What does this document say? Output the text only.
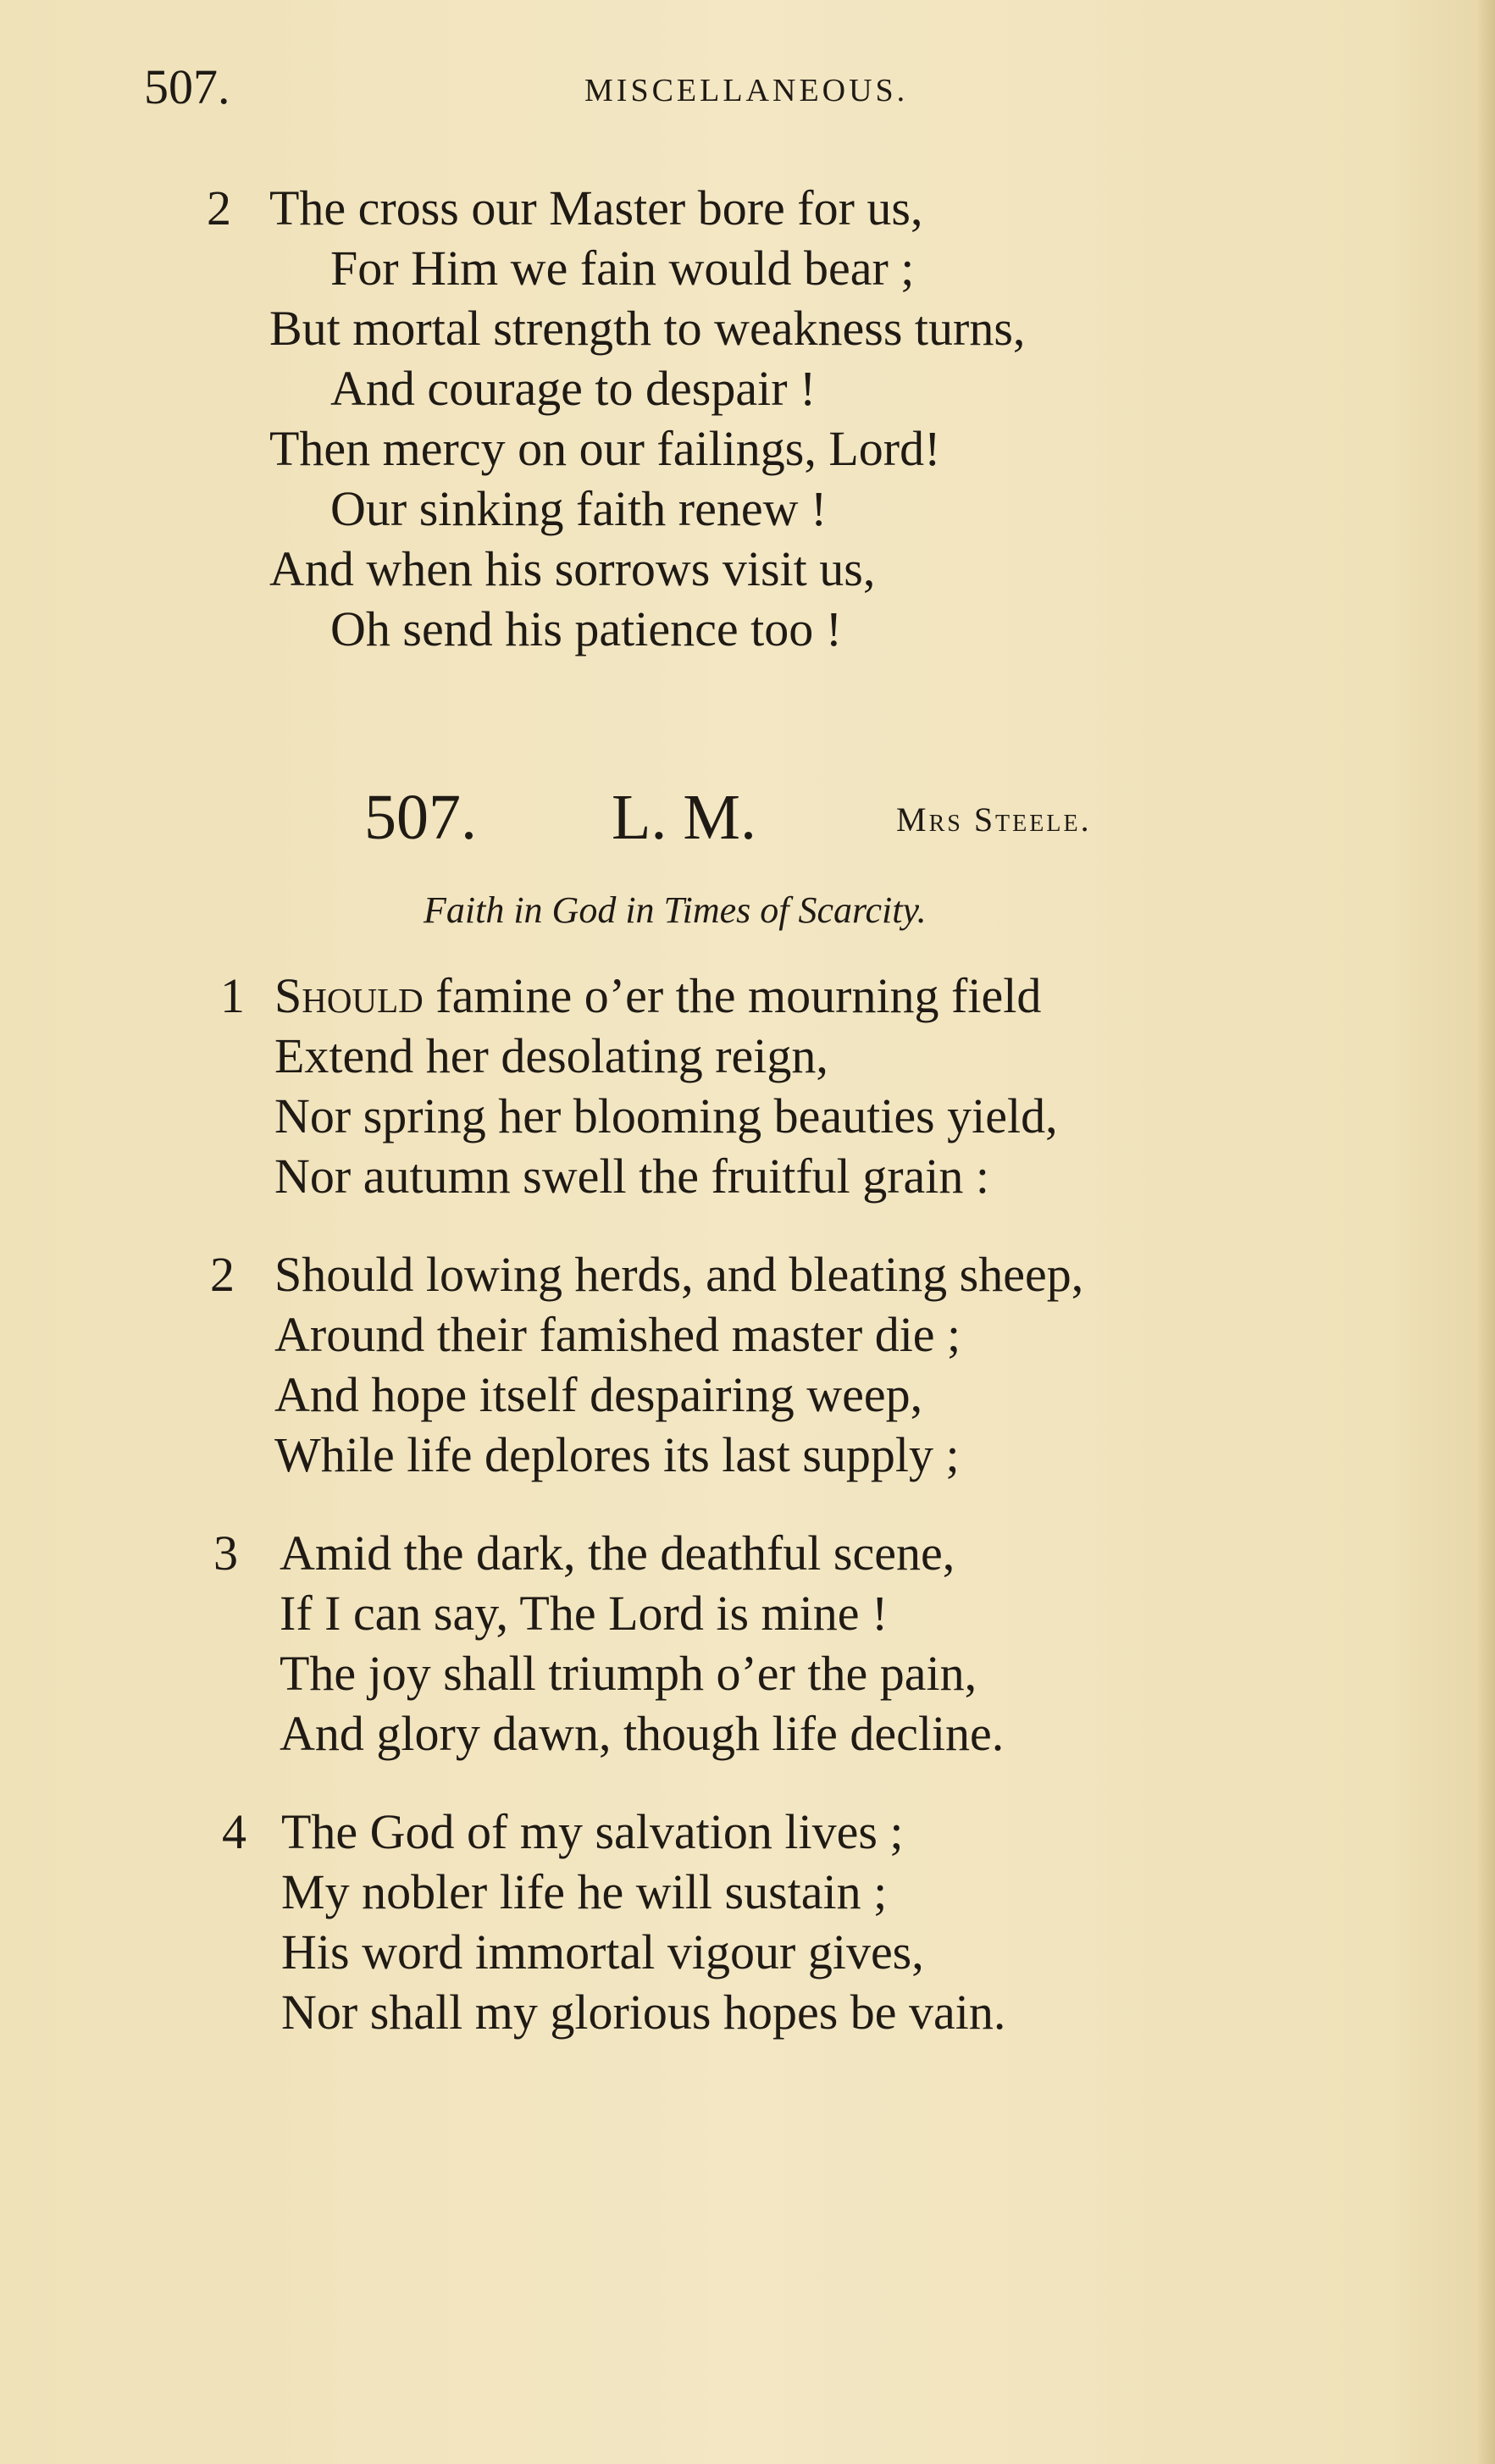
507.	MISCELLANEOUS.
2 The cross our Master bore for us,
For Him we fain would bear ;
But mortal strength to weakness turns,
And courage to despair !
Then mercy on our failings, Lord!
Our sinking faith renew !
And when his sorrows visit us,
Oh send his patience too !
507. L. M.	Mrs Steele.
Faith in God in Times of Scarcity.
1 Should famine o’er the mourning field
Extend her desolating reign,
Nor spring her blooming beauties yield,
Nor autumn swell the fruitful grain :
2 Should lowing herds, and bleating sheep,
Around their famished master die ;
And hope itself despairing weep,
While life deplores its last supply ;
3 Amid the dark, the deathful scene,
If I can say, The Lord is mine !
The joy shall triumph o’er the pain,
And glory dawn, though life decline.
4 The God of my salvation lives ;
My nobler life he will sustain ;
His word immortal vigour gives,
Nor shall my glorious hopes be vain.
